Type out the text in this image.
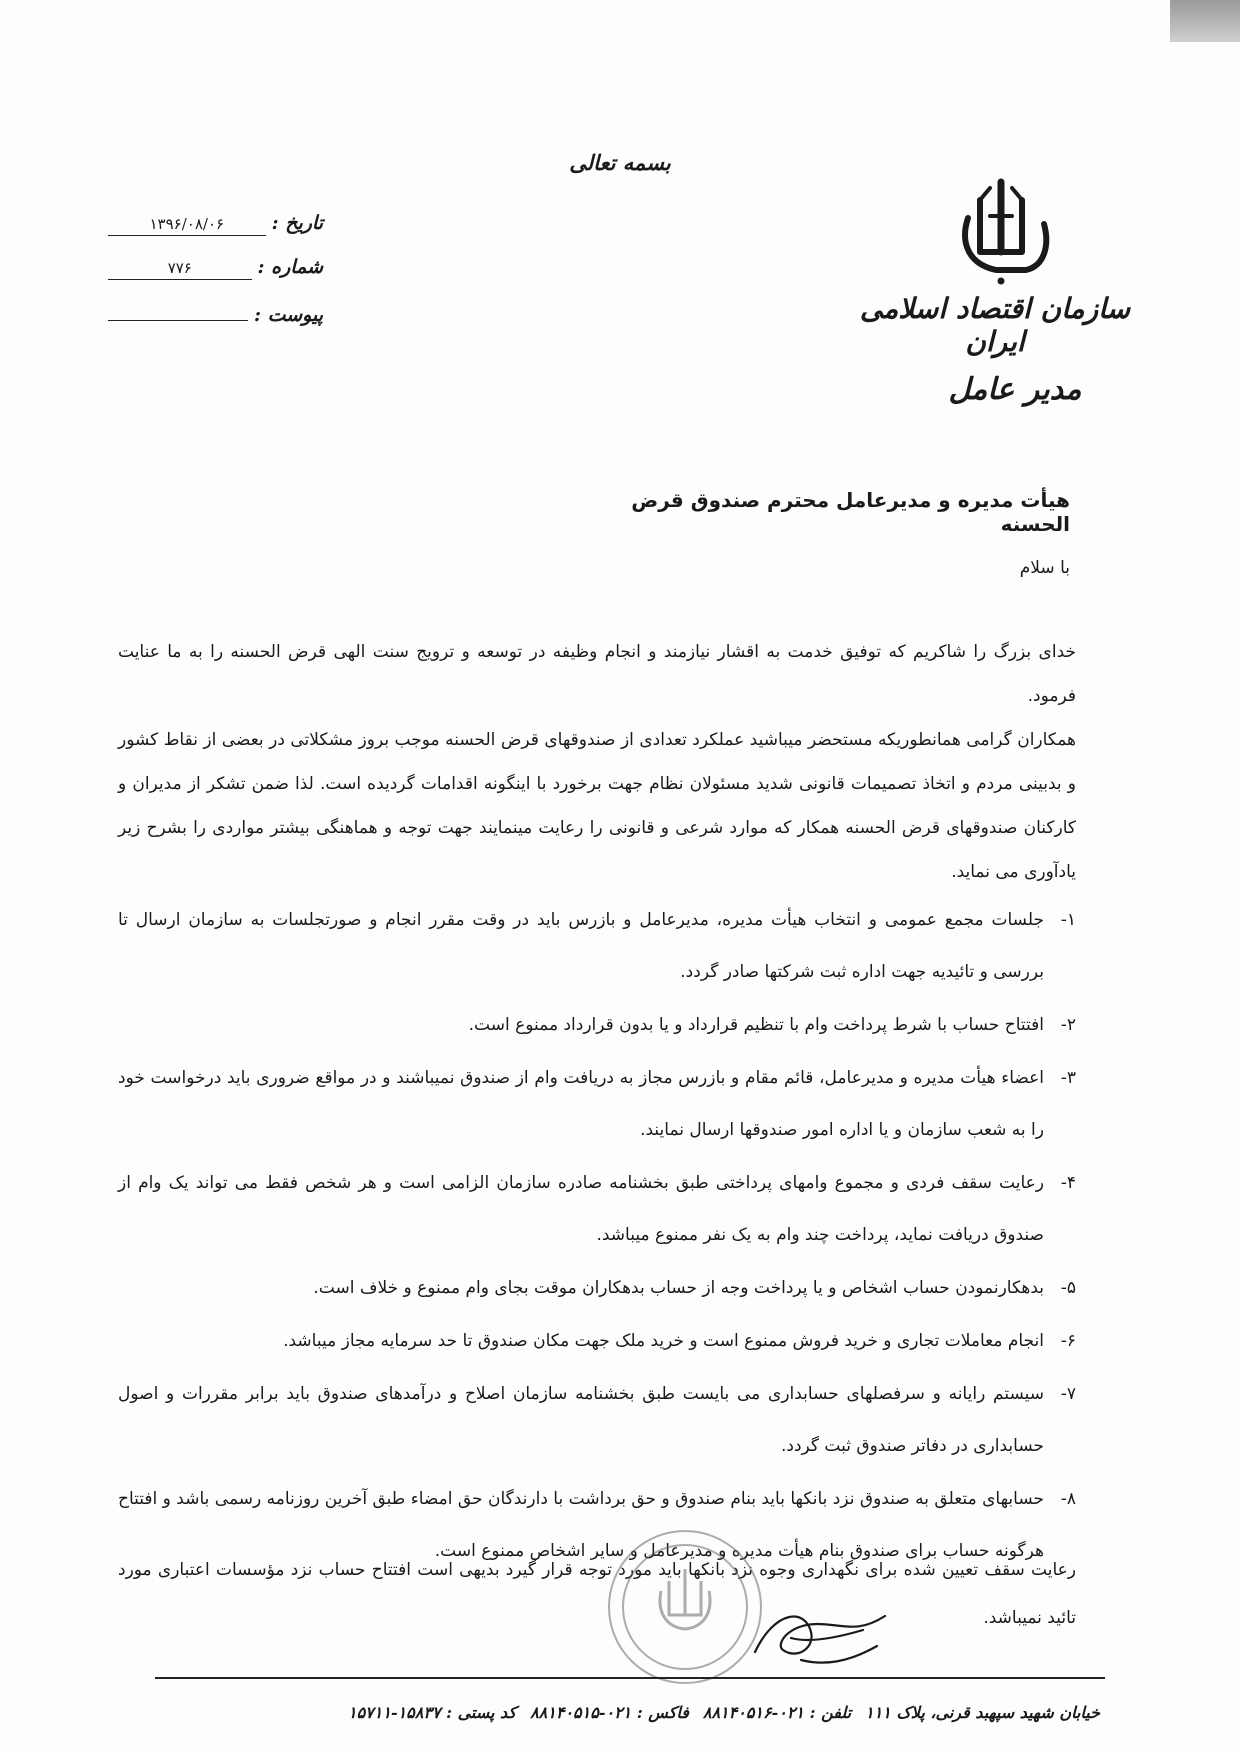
بسمه تعالی
تاریخ :
۱۳۹۶/۰۸/۰۶
شماره :
۷۷۶
پیوست :	سازمان اقتصاد اسلامی ایران
مدیر عامل
هیأت مدیره و مدیرعامل محترم صندوق قرض الحسنه
با سلام

خدای بزرگ را شاکریم که توفیق خدمت به اقشار نیازمند و انجام وظیفه در توسعه و ترویج سنت الهی قرض الحسنه را به ما عنایت فرمود.

همکاران گرامی همانطوریکه مستحضر میباشید عملکرد تعدادی از صندوقهای قرض الحسنه موجب بروز مشکلاتی در بعضی از نقاط کشور و بدبینی مردم و اتخاذ تصمیمات قانونی شدید مسئولان نظام جهت برخورد با اینگونه اقدامات گردیده است. لذا ضمن تشکر از مدیران و کارکنان صندوقهای قرض الحسنه همکار که موارد شرعی و قانونی را رعایت مینمایند جهت توجه و هماهنگی بیشتر مواردی را بشرح زیر یادآوری می نماید.

۱-
جلسات مجمع عمومی و انتخاب هیأت مدیره، مدیرعامل و بازرس باید در وقت مقرر انجام و صورتجلسات به سازمان ارسال تا بررسی و تائیدیه جهت اداره ثبت شرکتها صادر گردد.
۲-
افتتاح حساب با شرط پرداخت وام با تنظیم قرارداد و یا بدون قرارداد ممنوع است.
۳-
اعضاء هیأت مدیره و مدیرعامل، قائم مقام و بازرس مجاز به دریافت وام از صندوق نمیباشند و در مواقع ضروری باید درخواست خود را به شعب سازمان و یا اداره امور صندوقها ارسال نمایند.
۴-
رعایت سقف فردی و مجموع وامهای پرداختی طبق بخشنامه صادره سازمان الزامی است و هر شخص فقط می تواند یک وام از صندوق دریافت نماید، پرداخت چند وام به یک نفر ممنوع میباشد.
۵-
بدهکارنمودن حساب اشخاص و یا پرداخت وجه از حساب بدهکاران موقت بجای وام ممنوع و خلاف است.
۶-
انجام معاملات تجاری و خرید فروش ممنوع است و خرید ملک جهت مکان صندوق تا حد سرمایه مجاز میباشد.
۷-
سیستم رایانه و سرفصلهای حسابداری می بایست طبق بخشنامه سازمان اصلاح و درآمدهای صندوق باید برابر مقررات و اصول حسابداری در دفاتر صندوق ثبت گردد.
۸-
حسابهای متعلق به صندوق نزد بانکها باید بنام صندوق و حق برداشت با دارندگان حق امضاء طبق آخرین روزنامه رسمی باشد و افتتاح هرگونه حساب برای صندوق بنام هیأت مدیره و مدیرعامل و سایر اشخاص ممنوع است.

رعایت سقف تعیین شده برای نگهداری وجوه نزد بانکها باید مورد توجه قرار گیرد بدیهی است افتتاح حساب نزد مؤسسات اعتباری مورد تائید نمیباشد.

خیابان شهید سپهبد قرنی، پلاک ۱۱۱
تلفن : ۰۲۱-۸۸۱۴۰۵۱۶
فاکس : ۰۲۱-۸۸۱۴۰۵۱۵
کد پستی : ۱۵۸۳۷-۱۵۷۱۱
